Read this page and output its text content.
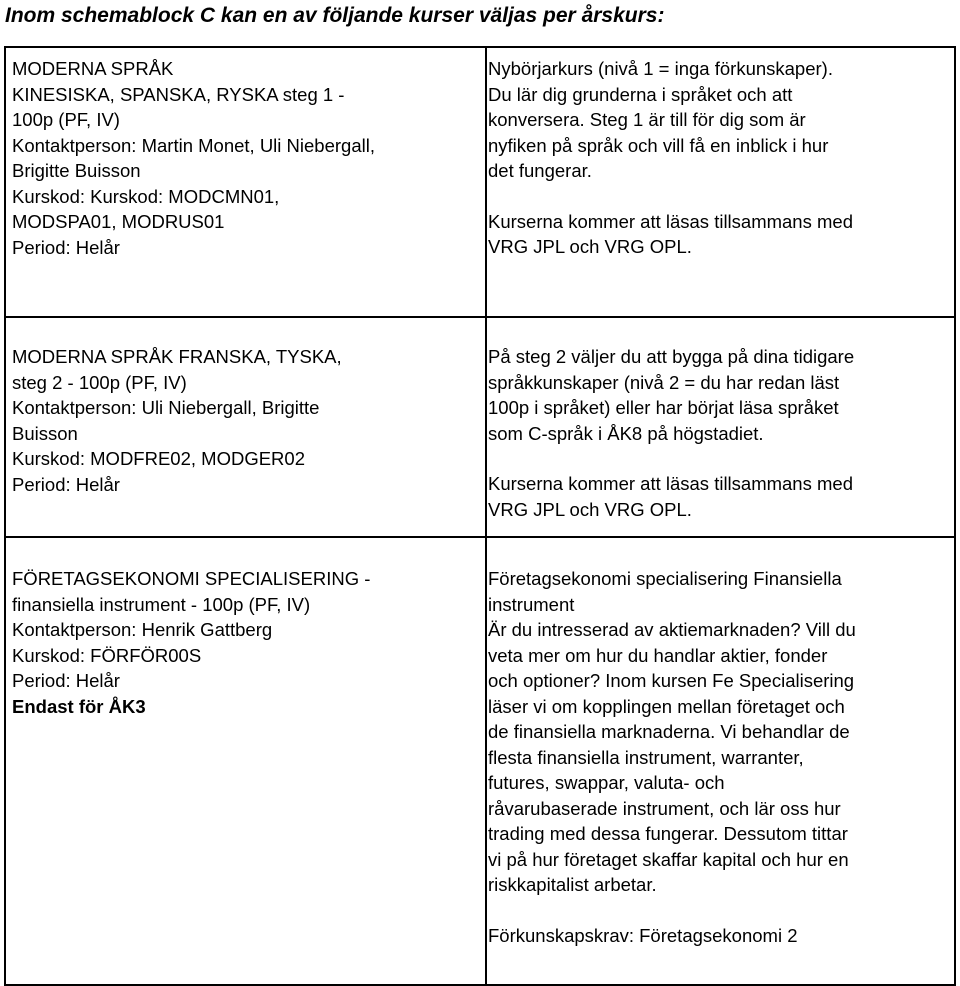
Inom schemablock C kan en av följande kurser väljas per årskurs:
MODERNA SPRÅK
KINESISKA, SPANSKA, RYSKA steg 1 -
100p (PF, IV)
Kontaktperson: Martin Monet, Uli Niebergall,
Brigitte Buisson
Kurskod: Kurskod: MODCMN01,
MODSPA01, MODRUS01
Period: Helår
Nybörjarkurs (nivå 1 = inga förkunskaper).
Du lär dig grunderna i språket och att
konversera. Steg 1 är till för dig som är
nyfiken på språk och vill få en inblick i hur
det fungerar.
Kurserna kommer att läsas tillsammans med
VRG JPL och VRG OPL.
MODERNA SPRÅK FRANSKA, TYSKA,
steg 2 - 100p (PF, IV)
Kontaktperson: Uli Niebergall, Brigitte
Buisson
Kurskod: MODFRE02, MODGER02
Period: Helår
På steg 2 väljer du att bygga på dina tidigare
språkkunskaper (nivå 2 = du har redan läst
100p i språket) eller har börjat läsa språket
som C-språk i ÅK8 på högstadiet.
Kurserna kommer att läsas tillsammans med
VRG JPL och VRG OPL.
FÖRETAGSEKONOMI SPECIALISERING -
finansiella instrument - 100p (PF, IV)
Kontaktperson: Henrik Gattberg
Kurskod: FÖRFÖR00S
Period: Helår
Endast för ÅK3
Företagsekonomi specialisering Finansiella
instrument
Är du intresserad av aktiemarknaden? Vill du
veta mer om hur du handlar aktier, fonder
och optioner? Inom kursen Fe Specialisering
läser vi om kopplingen mellan företaget och
de finansiella marknaderna. Vi behandlar de
flesta finansiella instrument, warranter,
futures, swappar, valuta- och
råvarubaserade instrument, och lär oss hur
trading med dessa fungerar. Dessutom tittar
vi på hur företaget skaffar kapital och hur en
riskkapitalist arbetar.
Förkunskapskrav: Företagsekonomi 2
